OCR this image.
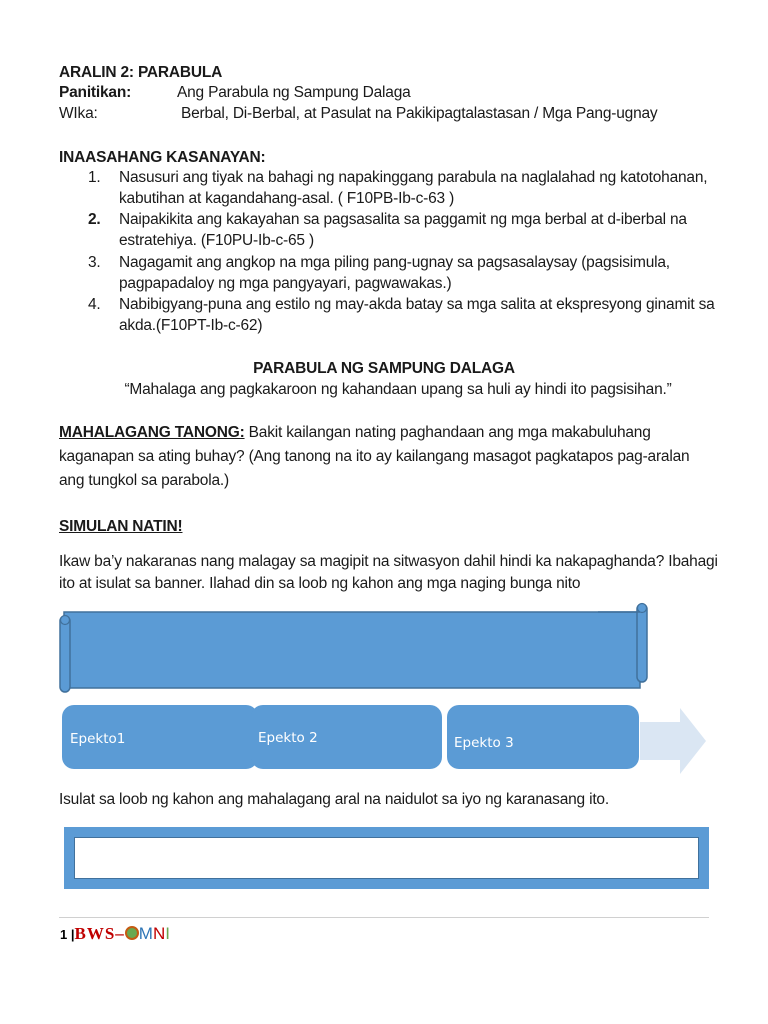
ARALIN 2: PARABULA
Panitikan:	Ang Parabula ng Sampung Dalaga
WIka:	Berbal, Di-Berbal, at Pasulat na Pakikipagtalastasan / Mga Pang-ugnay
INAASAHANG KASANAYAN:
1.	Nasusuri ang tiyak na bahagi ng napakinggang parabula na naglalahad ng katotohanan,
kabutihan at kagandahang-asal. ( F10PB-Ib-c-63 )
2.	Naipakikita ang kakayahan sa pagsasalita sa paggamit ng mga berbal at d-iberbal na
estratehiya. (F10PU-Ib-c-65 )
3.	Nagagamit ang angkop na mga piling pang-ugnay sa pagsasalaysay (pagsisimula,
pagpapadaloy ng mga pangyayari, pagwawakas.)
4.	Nabibigyang-puna ang estilo ng may-akda batay sa mga salita at ekspresyong ginamit sa
akda.(F10PT-Ib-c-62)
PARABULA NG SAMPUNG DALAGA
“Mahalaga ang pagkakaroon ng kahandaan upang sa huli ay hindi ito pagsisihan.”
MAHALAGANG TANONG: Bakit kailangan nating paghandaan ang mga makabuluhang
kaganapan sa ating buhay? (Ang tanong na ito ay kailangang masagot pagkatapos pag-aralan
ang tungkol sa parabola.)
SIMULAN NATIN!
Ikaw ba’y nakaranas nang malagay sa magipit na sitwasyon dahil hindi ka nakapaghanda? Ibahagi
ito at isulat sa banner. Ilahad din sa loob ng kahon ang mga naging bunga nito
Epekto1	Epekto 2	Epekto 3
Isulat sa loob ng kahon ang mahalagang aral na naidulot sa iyo ng karanasang ito.
1 |BWS– MNI
